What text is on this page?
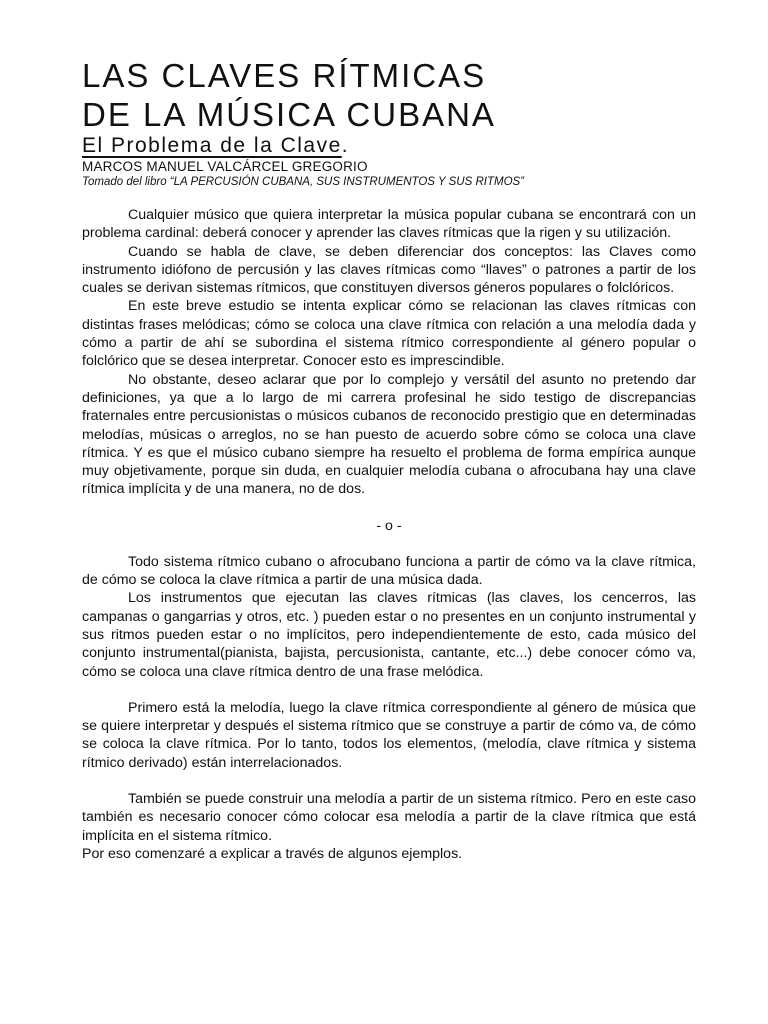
LAS CLAVES RÍTMICAS
DE LA MÚSICA CUBANA
El Problema de la Clave.

MARCOS MANUEL VALCÁRCEL GREGORIO

Tomado del libro “LA PERCUSIÓN CUBANA, SUS INSTRUMENTOS Y SUS RITMOS”

Cualquier músico que quiera interpretar la música popular cubana se encontrará con un problema cardinal: deberá conocer y aprender las claves rítmicas que la rigen y su utilización.

Cuando se habla de clave, se deben diferenciar dos conceptos: las Claves como instrumento idiófono de percusión y las claves rítmicas como “llaves” o patrones a partir de los cuales se derivan sistemas rítmicos, que constituyen diversos géneros populares o folclóricos.

En este breve estudio se intenta explicar cómo se relacionan las claves rítmicas con distintas frases melódicas; cómo se coloca una clave rítmica con relación a una melodía dada y cómo a partir de ahí se subordina el sistema rítmico correspondiente al género popular o folclórico que se desea interpretar. Conocer esto es imprescindible.

No obstante, deseo aclarar que por lo complejo y versátil del asunto no pretendo dar definiciones, ya que a lo largo de mi carrera profesinal he sido testigo de discrepancias fraternales entre percusionistas o músicos cubanos de reconocido prestigio que en determinadas melodías, músicas o arreglos, no se han puesto de acuerdo sobre cómo se coloca una clave rítmica. Y es que el músico cubano siempre ha resuelto el problema de forma empírica aunque muy objetivamente, porque sin duda, en cualquier melodía cubana o afrocubana hay una clave rítmica implícita y de una manera, no de dos.

- o -

Todo sistema rítmico cubano o afrocubano funciona a partir de cómo va la clave rítmica, de cómo se coloca la clave rítmica a partir de una música dada.

Los instrumentos que ejecutan las claves rítmicas (las claves, los cencerros, las campanas o gangarrias y otros, etc. ) pueden estar o no presentes en un conjunto instrumental y sus ritmos pueden estar o no implícitos, pero independientemente de esto, cada músico del conjunto instrumental(pianista, bajista, percusionista, cantante, etc...) debe conocer cómo va, cómo se coloca una clave rítmica dentro de una frase melódica.

Primero está la melodía, luego la clave rítmica correspondiente al género de música que se quiere interpretar y después el sistema rítmico que se construye a partir de cómo va, de cómo se coloca la clave rítmica. Por lo tanto, todos los elementos, (melodía, clave rítmica y sistema rítmico derivado) están interrelacionados.

También se puede construir una melodía a partir de un sistema rítmico. Pero en este caso también es necesario conocer cómo colocar esa melodía a partir de la clave rítmica que está implícita en el sistema rítmico.

Por eso comenzaré a explicar a través de algunos ejemplos.
